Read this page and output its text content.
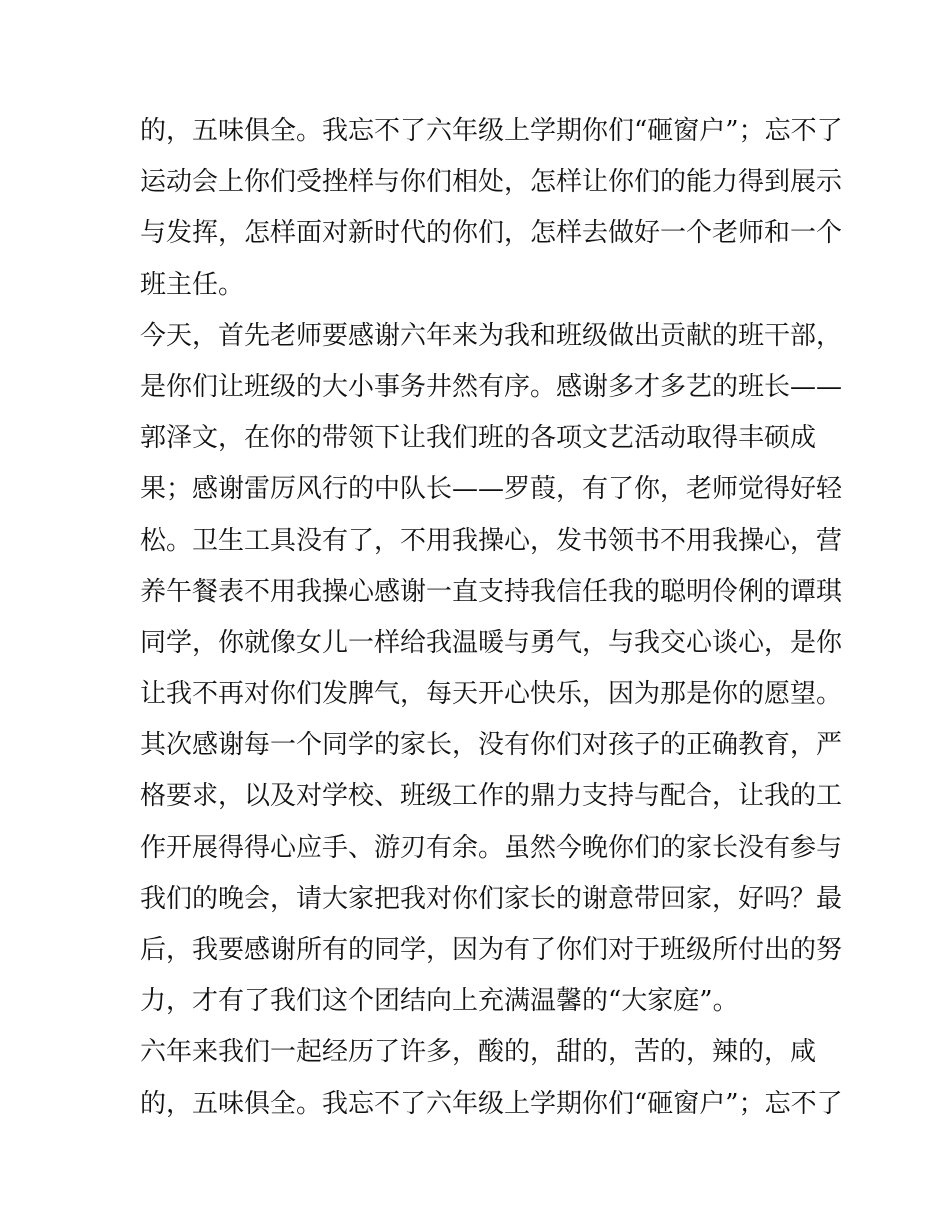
的，五味俱全。我忘不了六年级上学期你们“砸窗户”；忘不了
运动会上你们受挫样与你们相处，怎样让你们的能力得到展示
与发挥，怎样面对新时代的你们，怎样去做好一个老师和一个
班主任。
今天，首先老师要感谢六年来为我和班级做出贡献的班干部，
是你们让班级的大小事务井然有序。感谢多才多艺的班长——
郭泽文，在你的带领下让我们班的各项文艺活动取得丰硕成
果；感谢雷厉风行的中队长——罗葭，有了你，老师觉得好轻
松。卫生工具没有了，不用我操心，发书领书不用我操心，营
养午餐表不用我操心感谢一直支持我信任我的聪明伶俐的谭琪
同学，你就像女儿一样给我温暖与勇气，与我交心谈心，是你
让我不再对你们发脾气，每天开心快乐，因为那是你的愿望。
其次感谢每一个同学的家长，没有你们对孩子的正确教育，严
格要求，以及对学校、班级工作的鼎力支持与配合，让我的工
作开展得得心应手、游刃有余。虽然今晚你们的家长没有参与
我们的晚会，请大家把我对你们家长的谢意带回家，好吗？最
后，我要感谢所有的同学，因为有了你们对于班级所付出的努
力，才有了我们这个团结向上充满温馨的“大家庭”。
六年来我们一起经历了许多，酸的，甜的，苦的，辣的，咸
的，五味俱全。我忘不了六年级上学期你们“砸窗户”；忘不了
